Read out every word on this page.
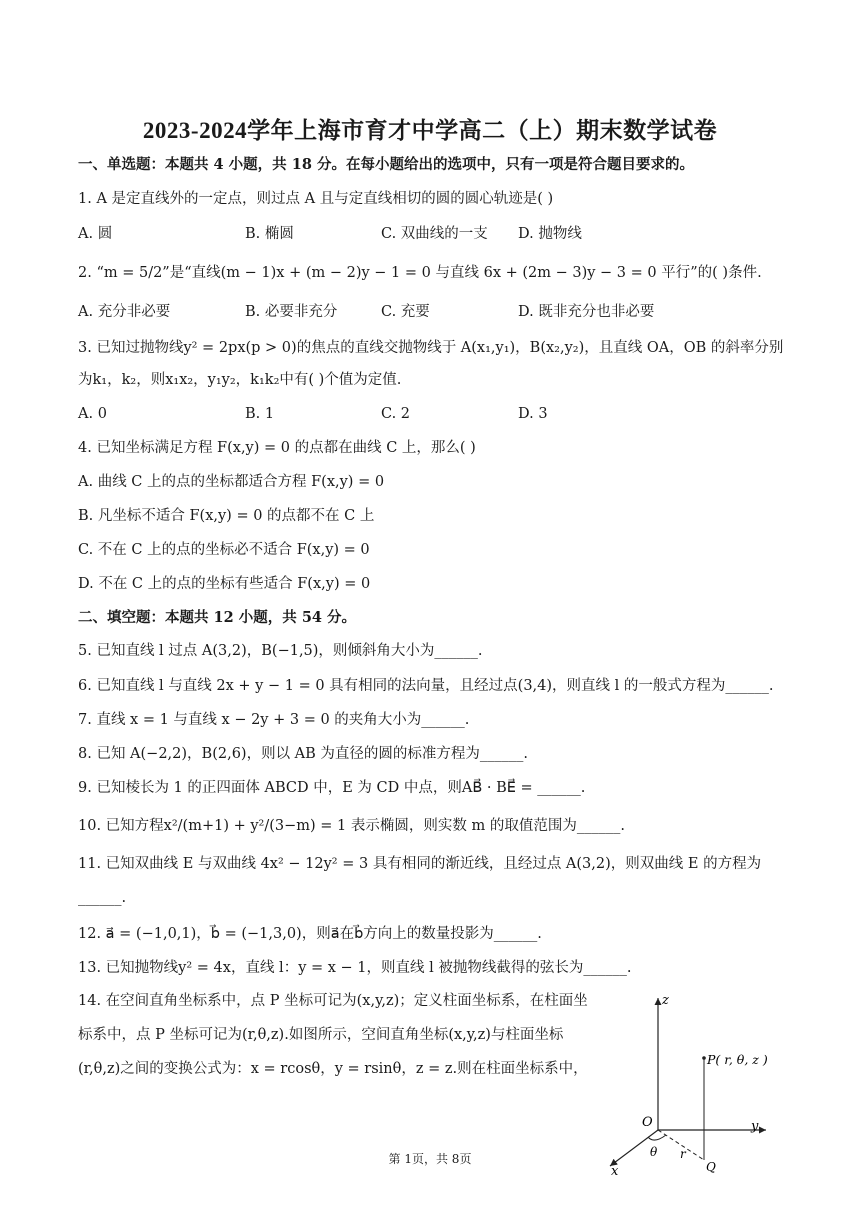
2023-2024学年上海市育才中学高二（上）期末数学试卷
一、单选题：本题共 4 小题，共 18 分。在每小题给出的选项中，只有一项是符合题目要求的。
1. A 是定直线外的一定点，则过点 A 且与定直线相切的圆的圆心轨迹是( )
A. 圆	B. 椭圆	C. 双曲线的一支 D. 抛物线
2. “m = 5/2”是“直线(m − 1)x + (m − 2)y − 1 = 0 与直线 6x + (2m − 3)y − 3 = 0 平行”的( )条件.
A. 充分非必要	B. 必要非充分	C. 充要	D. 既非充分也非必要
3. 已知过抛物线y² = 2px(p > 0)的焦点的直线交抛物线于 A(x₁,y₁)，B(x₂,y₂)，且直线 OA，OB 的斜率分别
为k₁，k₂，则x₁x₂，y₁y₂，k₁k₂中有( )个值为定值.
A. 0	B. 1	C. 2	D. 3
4. 已知坐标满足方程 F(x,y) = 0 的点都在曲线 C 上，那么( )
A. 曲线 C 上的点的坐标都适合方程 F(x,y) = 0
B. 凡坐标不适合 F(x,y) = 0 的点都不在 C 上
C. 不在 C 上的点的坐标必不适合 F(x,y) = 0
D. 不在 C 上的点的坐标有些适合 F(x,y) = 0
二、填空题：本题共 12 小题，共 54 分。
5. 已知直线 l 过点 A(3,2)，B(−1,5)，则倾斜角大小为______.
6. 已知直线 l 与直线 2x + y − 1 = 0 具有相同的法向量，且经过点(3,4)，则直线 l 的一般式方程为______.
7. 直线 x = 1 与直线 x − 2y + 3 = 0 的夹角大小为______.
8. 已知 A(−2,2)，B(2,6)，则以 AB 为直径的圆的标准方程为______.
9. 已知棱长为 1 的正四面体 ABCD 中，E 为 CD 中点，则AB⃗ · BE⃗ = ______.
10. 已知方程x²/(m+1) + y²/(3−m) = 1 表示椭圆，则实数 m 的取值范围为______.
11. 已知双曲线 E 与双曲线 4x² − 12y² = 3 具有相同的渐近线，且经过点 A(3,2)，则双曲线 E 的方程为
______.
12. a⃗ = (−1,0,1)，b⃗ = (−1,3,0)，则a⃗在b⃗方向上的数量投影为______.
13. 已知抛物线y² = 4x，直线 l：y = x − 1，则直线 l 被抛物线截得的弦长为______.
14. 在空间直角坐标系中，点 P 坐标可记为(x,y,z)；定义柱面坐标系，在柱面坐
标系中，点 P 坐标可记为(r,θ,z).如图所示，空间直角坐标(x,y,z)与柱面坐标
(r,θ,z)之间的变换公式为：x = rcosθ，y = rsinθ，z = z.则在柱面坐标系中，
z
y
x
O
θ r
Q
P( r, θ, z )
第 1页，共 8页
